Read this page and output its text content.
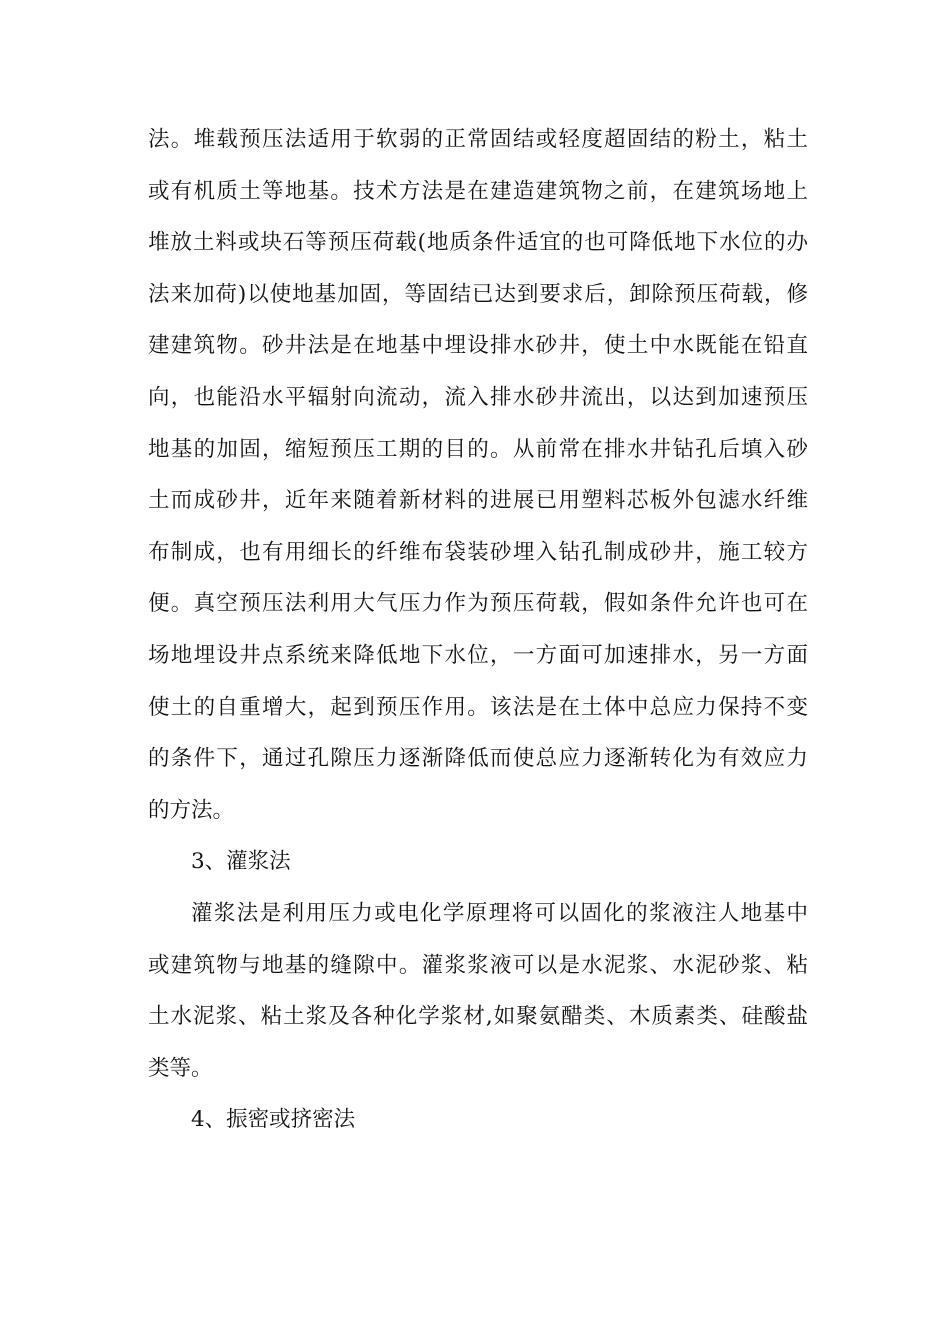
法。堆载预压法适用于软弱的正常固结或轻度超固结的粉土，粘土
或有机质土等地基。技术方法是在建造建筑物之前，在建筑场地上
堆放土料或块石等预压荷载(地质条件适宜的也可降低地下水位的办
法来加荷)以使地基加固，等固结已达到要求后，卸除预压荷载，修
建建筑物。砂井法是在地基中埋设排水砂井，使土中水既能在铅直
向，也能沿水平辐射向流动，流入排水砂井流出，以达到加速预压
地基的加固，缩短预压工期的目的。从前常在排水井钻孔后填入砂
土而成砂井，近年来随着新材料的进展已用塑料芯板外包滤水纤维
布制成，也有用细长的纤维布袋装砂埋入钻孔制成砂井，施工较方
便。真空预压法利用大气压力作为预压荷载，假如条件允许也可在
场地埋设井点系统来降低地下水位，一方面可加速排水，另一方面
使土的自重增大，起到预压作用。该法是在土体中总应力保持不变
的条件下，通过孔隙压力逐渐降低而使总应力逐渐转化为有效应力
的方法。
3、灌浆法
灌浆法是利用压力或电化学原理将可以固化的浆液注人地基中
或建筑物与地基的缝隙中。灌浆浆液可以是水泥浆、水泥砂浆、粘
土水泥浆、粘土浆及各种化学浆材,如聚氨醋类、木质素类、硅酸盐
类等。
4、振密或挤密法
